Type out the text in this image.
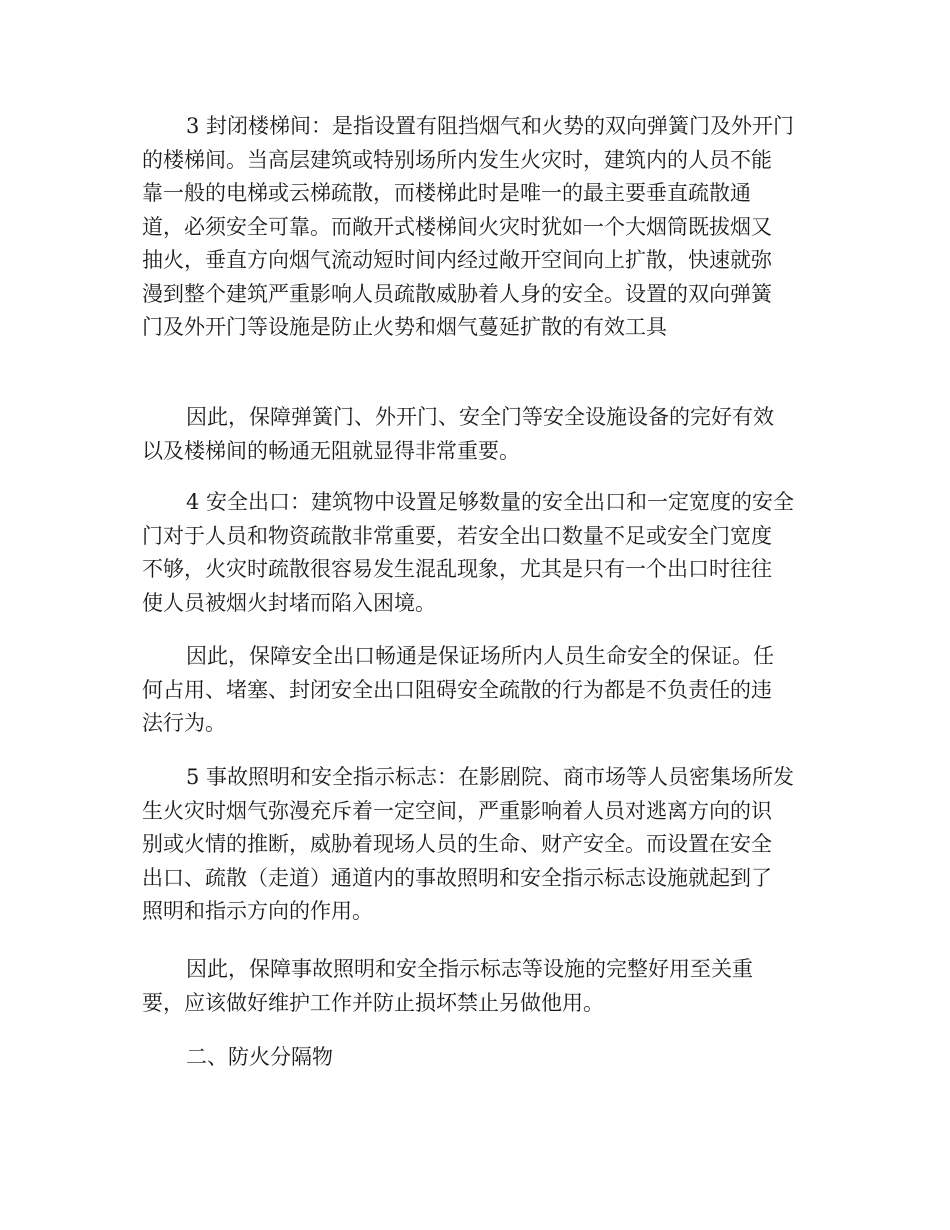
3 封闭楼梯间：是指设置有阻挡烟气和火势的双向弹簧门及外开门
的楼梯间。当高层建筑或特别场所内发生火灾时，建筑内的人员不能
靠一般的电梯或云梯疏散，而楼梯此时是唯一的最主要垂直疏散通
道，必须安全可靠。而敞开式楼梯间火灾时犹如一个大烟筒既拔烟又
抽火，垂直方向烟气流动短时间内经过敞开空间向上扩散，快速就弥
漫到整个建筑严重影响人员疏散威胁着人身的安全。设置的双向弹簧
门及外开门等设施是防止火势和烟气蔓延扩散的有效工具
因此，保障弹簧门、外开门、安全门等安全设施设备的完好有效
以及楼梯间的畅通无阻就显得非常重要。
4 安全出口：建筑物中设置足够数量的安全出口和一定宽度的安全
门对于人员和物资疏散非常重要，若安全出口数量不足或安全门宽度
不够，火灾时疏散很容易发生混乱现象，尤其是只有一个出口时往往
使人员被烟火封堵而陷入困境。
因此，保障安全出口畅通是保证场所内人员生命安全的保证。任
何占用、堵塞、封闭安全出口阻碍安全疏散的行为都是不负责任的违
法行为。
5 事故照明和安全指示标志：在影剧院、商市场等人员密集场所发
生火灾时烟气弥漫充斥着一定空间，严重影响着人员对逃离方向的识
别或火情的推断，威胁着现场人员的生命、财产安全。而设置在安全
出口、疏散（走道）通道内的事故照明和安全指示标志设施就起到了
照明和指示方向的作用。
因此，保障事故照明和安全指示标志等设施的完整好用至关重
要，应该做好维护工作并防止损坏禁止另做他用。
二、防火分隔物
